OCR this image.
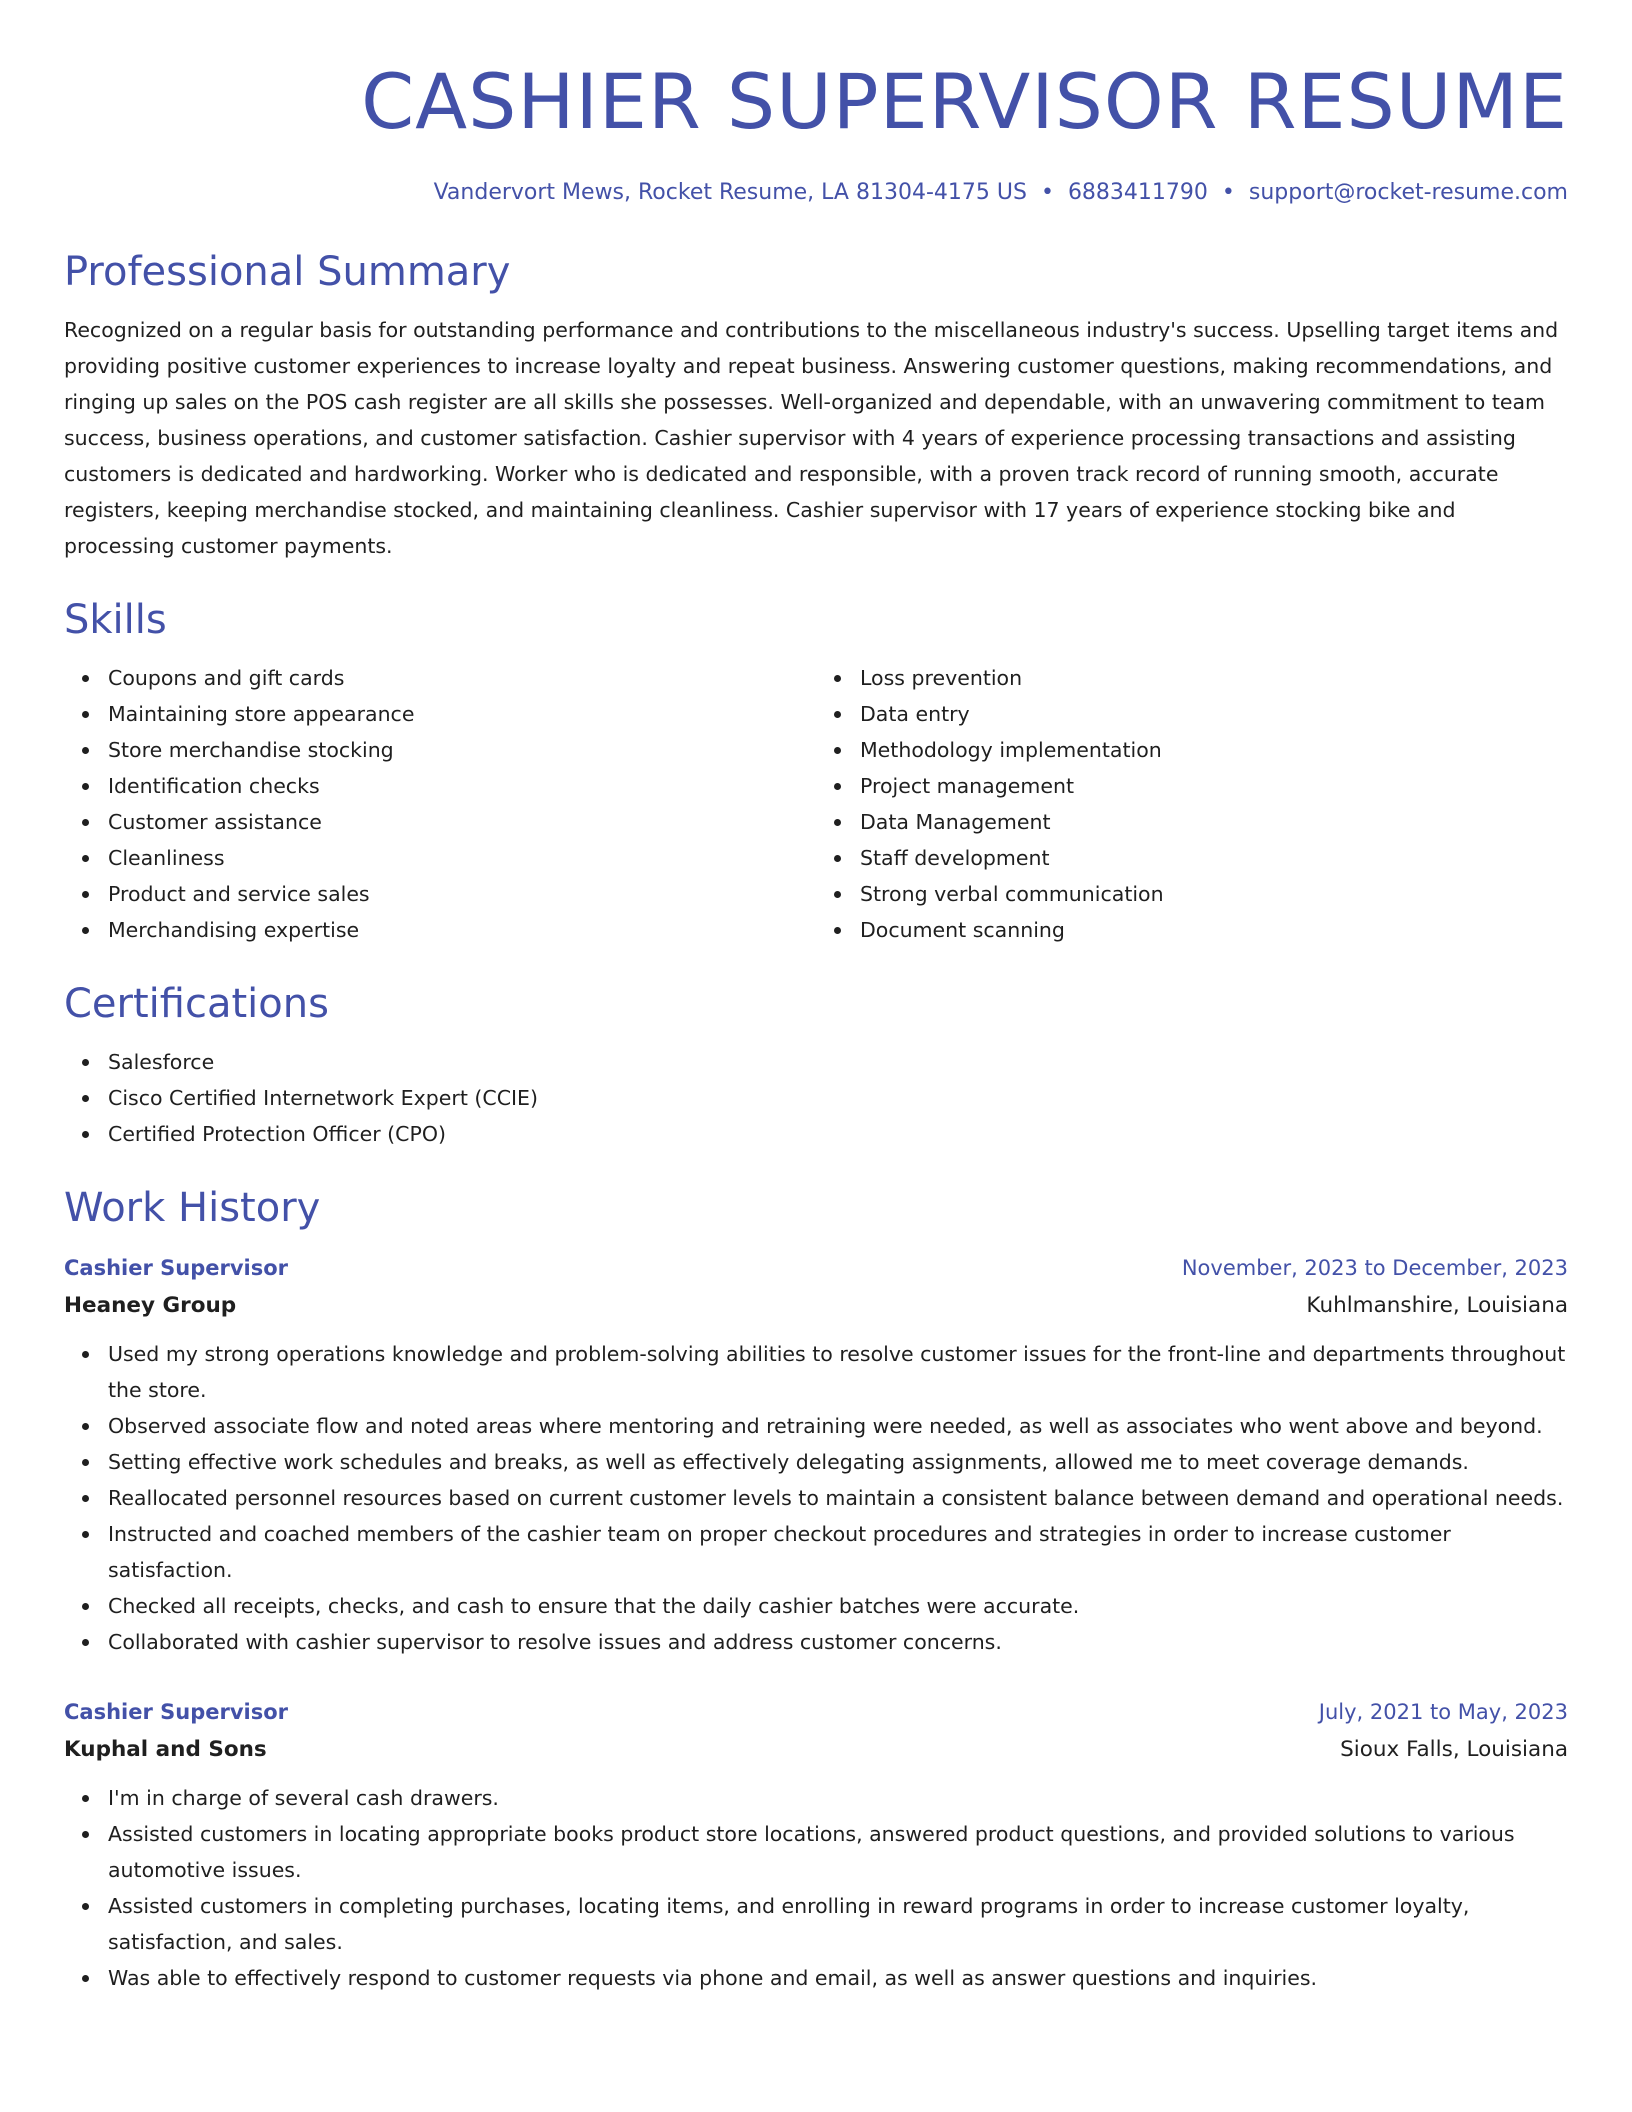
CASHIER SUPERVISOR RESUME
Vandervort Mews, Rocket Resume, LA 81304-4175 US • 6883411790 • support@rocket-resume.com
Professional Summary

Recognized on a regular basis for outstanding performance and contributions to the miscellaneous industry's success. Upselling target items and providing positive customer experiences to increase loyalty and repeat business. Answering customer questions, making recommendations, and ringing up sales on the POS cash register are all skills she possesses. Well-organized and dependable, with an unwavering commitment to team success, business operations, and customer satisfaction. Cashier supervisor with 4 years of experience processing transactions and assisting customers is dedicated and hardworking. Worker who is dedicated and responsible, with a proven track record of running smooth, accurate registers, keeping merchandise stocked, and maintaining cleanliness. Cashier supervisor with 17 years of experience stocking bike and processing customer payments.

Skills
Coupons and gift cards
Maintaining store appearance
Store merchandise stocking
Identification checks
Customer assistance
Cleanliness
Product and service sales
Merchandising expertise
Loss prevention
Data entry
Methodology implementation
Project management
Data Management
Staff development
Strong verbal communication
Document scanning
Certifications
Salesforce
Cisco Certified Internetwork Expert (CCIE)
Certified Protection Officer (CPO)
Work History
Cashier Supervisor	November, 2023 to December, 2023
Heaney Group	Kuhlmanshire, Louisiana
Used my strong operations knowledge and problem-solving abilities to resolve customer issues for the front-line and departments throughout the store.
Observed associate flow and noted areas where mentoring and retraining were needed, as well as associates who went above and beyond.
Setting effective work schedules and breaks, as well as effectively delegating assignments, allowed me to meet coverage demands.
Reallocated personnel resources based on current customer levels to maintain a consistent balance between demand and operational needs.
Instructed and coached members of the cashier team on proper checkout procedures and strategies in order to increase customer satisfaction.
Checked all receipts, checks, and cash to ensure that the daily cashier batches were accurate.
Collaborated with cashier supervisor to resolve issues and address customer concerns.
Cashier Supervisor	July, 2021 to May, 2023
Kuphal and Sons	Sioux Falls, Louisiana
I'm in charge of several cash drawers.
Assisted customers in locating appropriate books product store locations, answered product questions, and provided solutions to various automotive issues.
Assisted customers in completing purchases, locating items, and enrolling in reward programs in order to increase customer loyalty, satisfaction, and sales.
Was able to effectively respond to customer requests via phone and email, as well as answer questions and inquiries.
